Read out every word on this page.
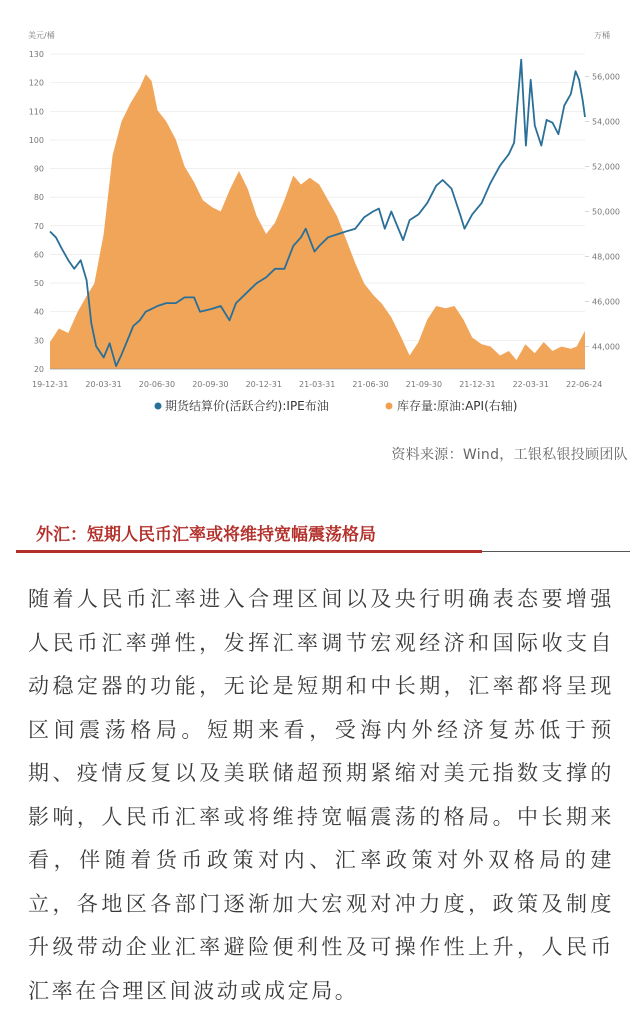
美元/桶	万桶
20
30
40
50
60
70
80
90
100
110
120
130
44,000
46,000
48,000
50,000
52,000
54,000
56,000
19-12-31 20-03-31 20-06-30 20-09-30 20-12-31 21-03-31 21-06-30 21-09-30 21-12-31 22-03-31 22-06-24
期货结算价(活跃合约):IPE布油	库存量:原油:API(右轴)
资料来源：Wind，工银私银投顾团队
外汇：短期人民币汇率或将维持宽幅震荡格局
随着人民币汇率进入合理区间以及央行明确表态要增强人民币汇率弹性，发挥汇率调节宏观经济和国际收支自动稳定器的功能，无论是短期和中长期，汇率都将呈现区间震荡格局。短期来看，受海内外经济复苏低于预期、疫情反复以及美联储超预期紧缩对美元指数支撑的影响，人民币汇率或将维持宽幅震荡的格局。中长期来看，伴随着货币政策对内、汇率政策对外双格局的建立，各地区各部门逐渐加大宏观对冲力度，政策及制度升级带动企业汇率避险便利性及可操作性上升，人民币汇率在合理区间波动或成定局。
